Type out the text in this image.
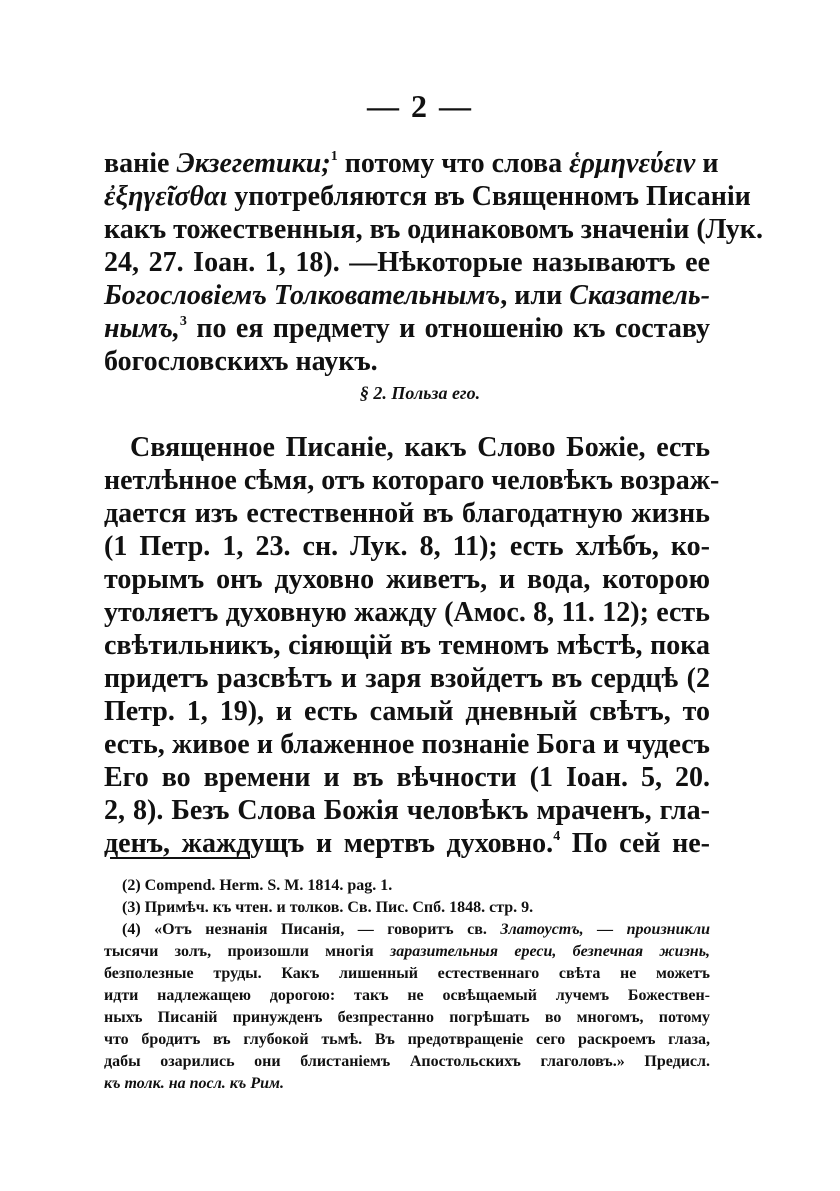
— 2 —
ваніе Экзегетики;$^1$ потому что слова ἑρμηνεύειν и
ἐξηγεῖσθαι употребляются въ Священномъ Писаніи
какъ тожественныя, въ одинаковомъ значеніи (Лук.
24, 27. Іоан. 1, 18). —Нѣкоторые называютъ ее
Богословіемъ Толковательнымъ, или Сказатель-
нымъ,$^3$ по ея предмету и отношенію къ составу
богословскихъ наукъ.
§ 2. Польза его.
Священное Писаніе, какъ Слово Божіе, есть
нетлѣнное сѣмя, отъ котораго человѣкъ возраж-
дается изъ естественной въ благодатную жизнь
(1 Петр. 1, 23. сн. Лук. 8, 11); есть хлѣбъ, ко-
торымъ онъ духовно живетъ, и вода, которою
утоляетъ духовную жажду (Амос. 8, 11. 12); есть
свѣтильникъ, сіяющій въ темномъ мѣстѣ, пока
придетъ разсвѣтъ и заря взойдетъ въ сердцѣ (2
Петр. 1, 19), и есть самый дневный свѣтъ, то
есть, живое и блаженное познаніе Бога и чудесъ
Его во времени и въ вѣчности (1 Іоан. 5, 20.
2, 8). Безъ Слова Божія человѣкъ мраченъ, гла-
денъ, жаждущъ и мертвъ духовно.$^4$ По сей не-
(2) Compend. Herm. S. M. 1814. pag. 1.
(3) Примѣч. къ чтен. и толков. Св. Пис. Спб. 1848. стр. 9.
(4) «Отъ незнанія Писанія, — говоритъ св. Златоустъ, — произникли
тысячи золъ, произошли многія заразительныя ереси, безпечная жизнь,
безполезные труды. Какъ лишенный естественнаго свѣта не можетъ
идти надлежащею дорогою: такъ не освѣщаемый лучемъ Божествен-
ныхъ Писаній принужденъ безпрестанно погрѣшать во многомъ, потому
что бродитъ въ глубокой тьмѣ. Въ предотвращеніе сего раскроемъ глаза,
дабы озарились они блистаніемъ Апостольскихъ глаголовъ.» Предисл.
къ толк. на посл. къ Рим.
